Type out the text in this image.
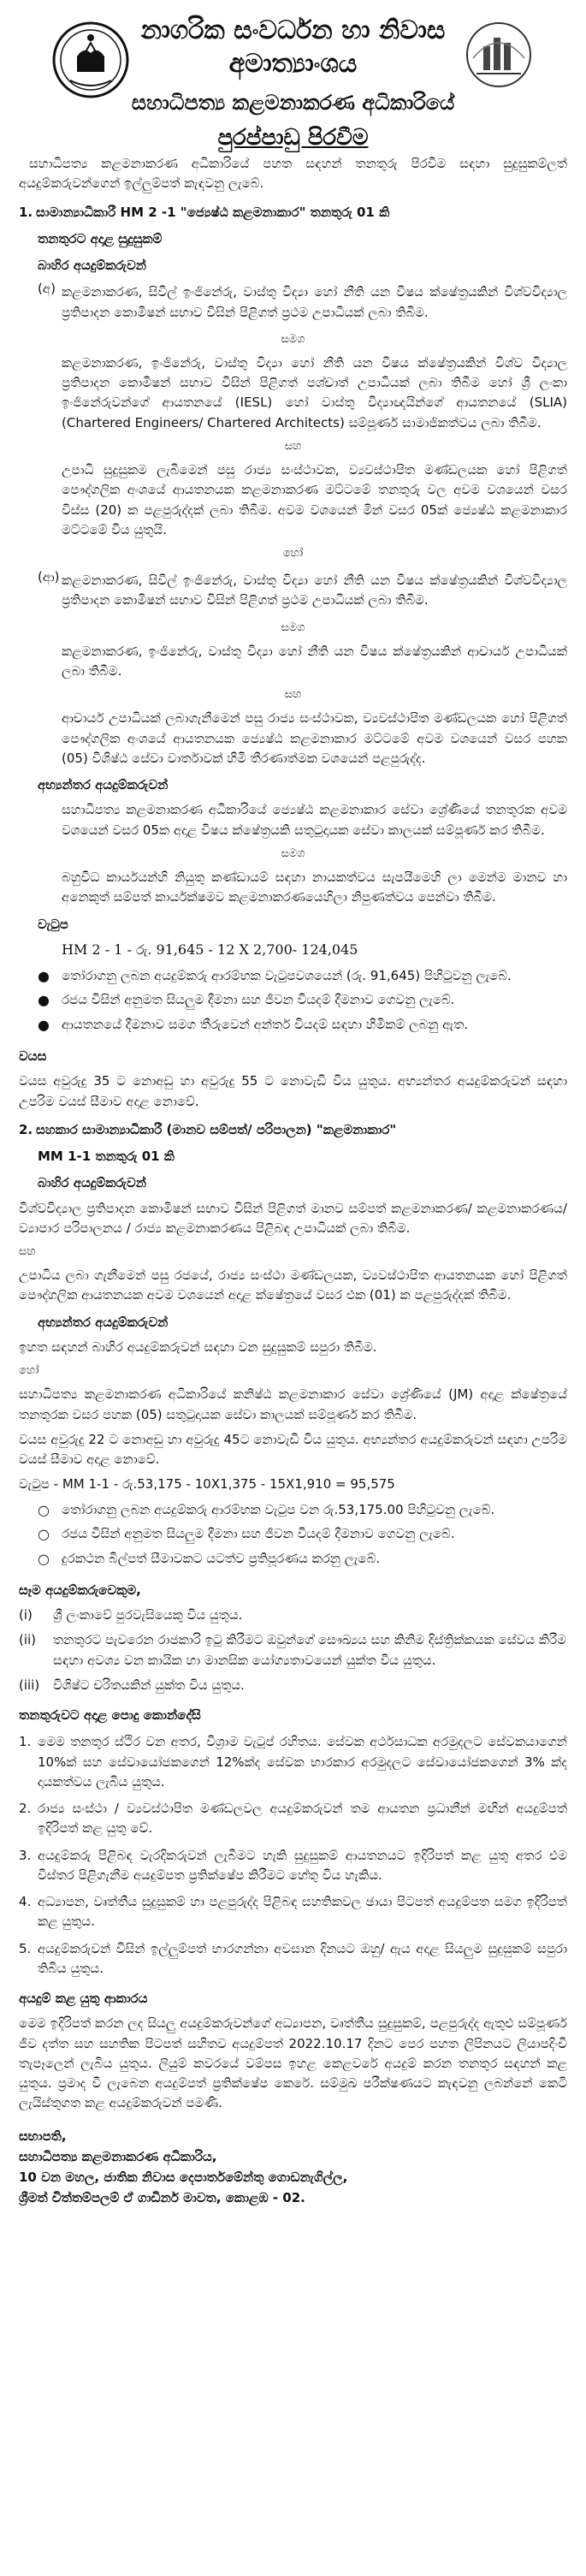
නාගරික සංවර්ධන හා නිවාස
අමාත්‍යාංශය
සහාධිපත්‍ය කළමනාකරණ අධිකාරියේ
පුරප්පාඩු පිරවීම

සහාධිපත්‍ය කළමනාකරණ අධිකාරියේ පහත සඳහන් තනතුරු පිරවීම සඳහා සුදුසුකම්ලත් අයදුම්කරුවන්ගෙන් ඉල්ලුම්පත් කැඳවනු ලැබේ.

1. සාමාන්‍යාධිකාරී HM 2 -1 "ජ්‍යෙෂ්ඨ කළමනාකාර" තනතුරු 01 කි
තනතුරට අදාළ සුදුසුකම්
බාහිර අයදුම්කරුවන්
(අ) කළමනාකරණ, සිවිල් ඉංජිනේරු, වාස්තු විද්‍යා හෝ නීති යන විෂය ක්ෂේත්‍රයකින් විශ්වවිද්‍යාල ප්‍රතිපාදන කොමිෂන් සභාව විසින් පිළිගත් ප්‍රථම උපාධියක් ලබා තිබීම.

සමග

කළමනාකරණ, ඉංජිනේරු, වාස්තු විද්‍යා හෝ නීති යන විෂය ක්ෂේත්‍රයකින් විශ්ව විද්‍යාල ප්‍රතිපාදන කොමිෂන් සභාව විසින් පිළිගත් පශ්චාත් උපාධියක් ලබා තිබීම හෝ ශ්‍රී ලංකා ඉංජිනේරුවන්ගේ ආයතනයේ (IESL) හෝ වාස්තු විද්‍යාඥයින්ගේ ආයතනයේ (SLIA) (Chartered Engineers/ Chartered Architects) සම්පූර්ණ සාමාජිකත්වය ලබා තිබීම.

සහ

උපාධි සුදුසුකම ලැබීමෙන් පසු රාජ්‍ය සංස්ථාවක, ව්‍යවස්ථාපිත මණ්ඩලයක හෝ පිළිගත් පෞද්ගලික අංශයේ ආයතනයක කළමනාකරණ මට්ටමේ තනතුරු වල අවම වශයෙන් වසර විස්ස (20) ක පළපුරුද්දක් ලබා තිබීම. අවම වශයෙන් මින් වසර 05ක් ජ්‍යෙෂ්ඨ කළමනාකාර මට්ටමේ විය යුතුයි.

හෝ
(ආ) කළමනාකරණ, සිවිල් ඉංජිනේරු, වාස්තු විද්‍යා හෝ නීති යන විෂය ක්ෂේත්‍රයකින් විශ්වවිද්‍යාල ප්‍රතිපාදන කොමිෂන් සභාව විසින් පිළිගත් ප්‍රථම උපාධියක් ලබා තිබීම.

සමග

කළමනාකරණ, ඉංජිනේරු, වාස්තු විද්‍යා හෝ නීති යන විෂය ක්ෂේත්‍රයකින් ආචාර්ය උපාධියක් ලබා තිබීම.

සහ

ආචාර්ය උපාධියක් ලබාගැනීමෙන් පසු රාජ්‍ය සංස්ථාවක, ව්‍යවස්ථාපිත මණ්ඩලයක හෝ පිළිගත් පෞද්ගලික අංශයේ ආයතනයක ජ්‍යෙෂ්ඨ කළමනාකාර මට්ටමේ අවම වශයෙන් වසර පහක (05) විශිෂ්ඨ සේවා වාර්තාවක් හිමි තීරණාත්මක වශයෙන් පළපුරුද්ද.

අභ්‍යන්තර අයදුම්කරුවන්

සහාධිපත්‍ය කළමනාකරණ අධිකාරියේ ජ්‍යෙෂ්ඨ කළමනාකාර සේවා ශ්‍රේණියේ තනතුරක අවම වශයෙන් වසර 05ක අදාළ විෂය ක්ෂේත්‍රයකි සතුටුදායක සේවා කාලයක් සම්පූර්ණ කර තිබීම.

සමග

බහුවිධ කාර්යයන්හි නියුතු කණ්ඩායම් සඳහා නායකත්වය සැපයීමෙහි ලා මෙන්ම මානව හා අනෙකුත් සම්පත් කාර්යක්ෂමව කළමනාකරණයෙහිලා නිපුණත්වය පෙන්වා තිබීම.

වැටුප
HM 2 - 1 - රු. 91,645 - 12 X 2,700- 124,045
● තෝරාගනු ලබන අයදුම්කරු ආරම්භක වැටුපවශයෙන් (රු. 91,645) පිහිටුවනු ලැබේ.
● රජය විසින් අනුමත සියලුම දීමනා සහ ජීවන වියදම් දීමනාව ගෙවනු ලැබේ.
● ආයතනයේ දීමනාව සමග තීරුවෙන් අන්තර් වියදම් සඳහා හිමිකම් ලබනු ඇත.
වයස

වයස අවුරුදු 35 ට නොඅඩු හා අවුරුදු 55 ට නොවැඩි විය යුතුය. අභ්‍යන්තර අයදුම්කරුවන් සඳහා උපරිම වයස් සීමාව අදාළ නොවේ.

2. සහකාර සාමාන්‍යාධිකාරී (මානව සම්පත්/ පරිපාලන) "කළමනාකාර"
MM 1-1 තනතුරු 01 කි
බාහිර අයදුම්කරුවන්

විශ්වවිද්‍යාල ප්‍රතිපාදන කොමිෂන් සභාව විසින් පිළිගත් මානව සම්පත් කළමනාකරණ/ කළමනාකරණය/ව්‍යාපාර පරිපාලනය / රාජ්‍ය කළමනාකරණය පිළිබඳ උපාධියක් ලබා තිබීම.

සහ

උපාධිය ලබා ගැනීමෙන් පසු රජයේ, රාජ්‍ය සංස්ථා මණ්ඩලයක, ව්‍යවස්ථාපිත ආයතනයක හෝ පිළිගත් පෞද්ගලික ආයතනයක අවම වශයෙන් අදාළ ක්ෂේත්‍රයේ වසර එක (01) ක පළපුරුද්දක් තිබීම.

අභ්‍යන්තර අයදුම්කරුවන්

ඉහත සඳහන් බාහිර අයදුම්කරුවන් සඳහා වන සුදුසුකම් සපුරා තිබීම.

හෝ

සහාධිපත්‍ය කළමනාකරණ අධිකාරියේ කනිෂ්ඨ කළමනාකාර සේවා ශ්‍රේණියේ (JM) අදාළ ක්ෂේත්‍රයේ තනතුරක වසර පහක (05) සතුටුදායක සේවා කාලයක් සම්පූර්ණ කර තිබීම.

වයස අවුරුදු 22 ට නොඅඩු හා අවුරුදු 45ට නොවැඩි විය යුතුය. අභ්‍යන්තර අයදුම්කරුවන් සඳහා උපරිම වයස් සීමාව අදාළ නොවේ.

වැටුප - MM 1-1 - රු.53,175 - 10X1,375 - 15X1,910 = 95,575

○ තෝරාගනු ලබන අයදුම්කරු ආරම්භක වැටුප වන රු.53,175.00 පිහිටුවනු ලැබේ.
○ රජය විසින් අනුමත සියලුම දීමනා සහ ජීවන වියදම් දීමනාව ගෙවනු ලැබේ.
○ දුරකථන බිල්පත් සීමාවකට යටත්ව ප්‍රතිපූරණය කරනු ලැබේ.
සෑම අයදුම්කරුවෙකුම,
(i)	ශ්‍රී ලංකාවේ පුරවැසියෙකු විය යුතුය.
(ii)	තනතුරට පැවරෙන රාජකාරි ඉටු කිරීමට ඔවුන්ගේ සෞඛ්‍යය සහ කිනිම දිස්ත්‍රික්කයක සේවය කිරීම සඳහා අවශ්‍ය වන කායික හා මානසික යෝග්‍යතාවයෙන් යුක්ත විය යුතුය.
(iii)	විශිෂ්ට චරිතයකින් යුක්ත විය යුතුය.
තනතුරුවට අදාළ පොදු කොන්දේසි
1. මෙම තනතුර ස්ථිර වන අතර, විශ්‍රාම වැටුප් රහිතය. සේවක අර්ථසාධක අරමුදලට සේවකයාගෙන් 10%ක් සහ සේවායෝජකගෙන් 12%ක්ද සේවක භාරකාර අරමුදලට සේවායෝජකගෙන් 3% ක්ද දායකත්වය ලැබිය යුතුය.

2. රාජ්‍ය සංස්ථා / ව්‍යවස්ථාපිත මණ්ඩලවල අයදුම්කරුවන් තම ආයතන ප්‍රධානීන් මඟින් අයදුම්පත් ඉදිරිපත් කළ යුතු වේ.

3. අයදුම්කරු පිළිබඳ වැරදිකරුවන් ලැබීමට හැකි සුදුසුකම් ආයතනයට ඉදිරිපත් කළ යුතු අතර එම විස්තර පිළිගැනීම අයදුම්පත ප්‍රතික්ෂේප කිරීමට හේතු විය හැකිය.

4. අධ්‍යාපන, වෘත්තීය සුදුසුකම් හා පළපුරුද්ද පිළිබඳ සහතිකවල ඡායා පිටපත් අයදුම්පත සමග ඉදිරිපත් කළ යුතුය.

5. අයදුම්කරුවන් විසින් ඉල්ලුම්පත් භාරගන්නා අවසාන දිනයට ඔහු/ ඇය අදාළ සියලුම සුදුසුකම් සපුරා තිබිය යුතුය.

අයදුම් කළ යුතු ආකාරය

මෙම ඉදිරිපත් කරන ලද සියලු අයදුම්කරුවන්ගේ අධ්‍යාපන, වෘත්තීය සුදුසුකම්, පළපුරුද්ද ඇතුළු සම්පූර්ණ ජීව දත්ත සහ සහතික පිටපත් සහිතව අයදුම්පත් 2022.10.17 දිනට පෙර පහත ලිපිනයට ලියාපදිංචි තැපෑලෙන් ලැබිය යුතුය. ලියුම් කවරයේ වම්පස ඉහළ කෙළවරේ අයදුම් කරන තනතුර සඳහන් කළ යුතුය. ප්‍රමාද වී ලැබෙන අයදුම්පත් ප්‍රතික්ෂේප කෙරේ. සම්මුඛ පරීක්ෂණයට කැඳවනු ලබන්නේ කෙටි ලැයිස්තුගත කළ අයදුම්කරුවන් පමණි.

සභාපති,
සහාධිපත්‍ය කළමනාකරණ අධිකාරිය,
10 වන මහල, ජාතික නිවාස දෙපාර්තමේන්තු ගොඩනැගිල්ල,
ශ්‍රීමත් චිත්තම්පලම් ඒ ගාඩිනර් මාවත, කොළඹ - 02.
